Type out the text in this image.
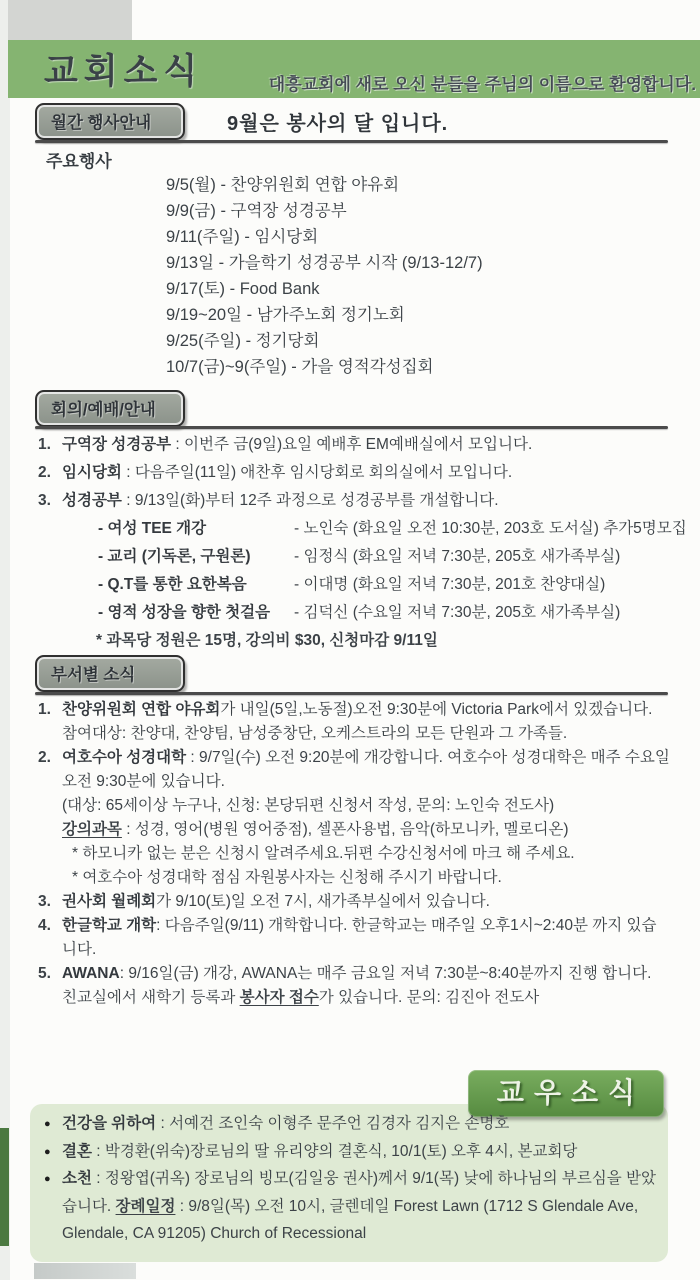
교회소식	대흥교회에 새로 오신 분들을 주님의 이름으로 환영합니다.
월간 행사안내	9월은 봉사의 달 입니다.
주요행사
9/5(월) - 찬양위원회 연합 야유회
9/9(금) - 구역장 성경공부
9/11(주일) - 임시당회
9/13일 - 가을학기 성경공부 시작 (9/13-12/7)
9/17(토) - Food Bank
9/19~20일 - 남가주노회 정기노회
9/25(주일) - 정기당회
10/7(금)~9(주일) - 가을 영적각성집회
회의/예배/안내
1. 구역장 성경공부 : 이번주 금(9일)요일 예배후 EM예배실에서 모입니다.
2. 임시당회 : 다음주일(11일) 애찬후 임시당회로 회의실에서 모입니다.
3. 성경공부 : 9/13일(화)부터 12주 과정으로 성경공부를 개설합니다.
- 여성 TEE 개강	- 노인숙 (화요일 오전 10:30분, 203호 도서실) 추가5명모집
- 교리 (기독론, 구원론)	- 임정식 (화요일 저녁 7:30분, 205호 새가족부실)
- Q.T를 통한 요한복음	- 이대명 (화요일 저녁 7:30분, 201호 찬양대실)
- 영적 성장을 향한 첫걸음	- 김덕신 (수요일 저녁 7:30분, 205호 새가족부실)
* 과목당 정원은 15명, 강의비 $30, 신청마감 9/11일
부서별 소식
1. 찬양위원회 연합 야유회가 내일(5일,노동절)오전 9:30분에 Victoria Park에서 있겠습니다. 참여대상: 찬양대, 찬양팀, 남성중창단, 오케스트라의 모든 단원과 그 가족들.
2. 여호수아 성경대학 : 9/7일(수) 오전 9:20분에 개강합니다. 여호수아 성경대학은 매주 수요일 오전 9:30분에 있습니다.
(대상: 65세이상 누구나, 신청: 본당뒤편 신청서 작성, 문의: 노인숙 전도사)
강의과목 : 성경, 영어(병원 영어중점), 셀폰사용법, 음악(하모니카, 멜로디온)
* 하모니카 없는 분은 신청시 알려주세요.뒤편 수강신청서에 마크 해 주세요.
* 여호수아 성경대학 점심 자원봉사자는 신청해 주시기 바랍니다.
3. 권사회 월례회가 9/10(토)일 오전 7시, 새가족부실에서 있습니다.
4. 한글학교 개학: 다음주일(9/11) 개학합니다. 한글학교는 매주일 오후1시~2:40분 까지 있습니다.
5. AWANA: 9/16일(금) 개강, AWANA는 매주 금요일 저녁 7:30분~8:40분까지 진행 합니다. 친교실에서 새학기 등록과 봉사자 접수가 있습니다. 문의: 김진아 전도사
교우소식
● 건강을 위하여 : 서예건 조인숙 이형주 문주언 김경자 김지은 손명호
● 결혼 : 박경환(위숙)장로님의 딸 유리양의 결혼식, 10/1(토) 오후 4시, 본교회당
● 소천 : 정왕엽(귀옥) 장로님의 빙모(김일웅 권사)께서 9/1(목) 낮에 하나님의 부르심을 받았습니다. 장례일정 : 9/8일(목) 오전 10시, 글렌데일 Forest Lawn (1712 S Glendale Ave, Glendale, CA 91205) Church of Recessional
